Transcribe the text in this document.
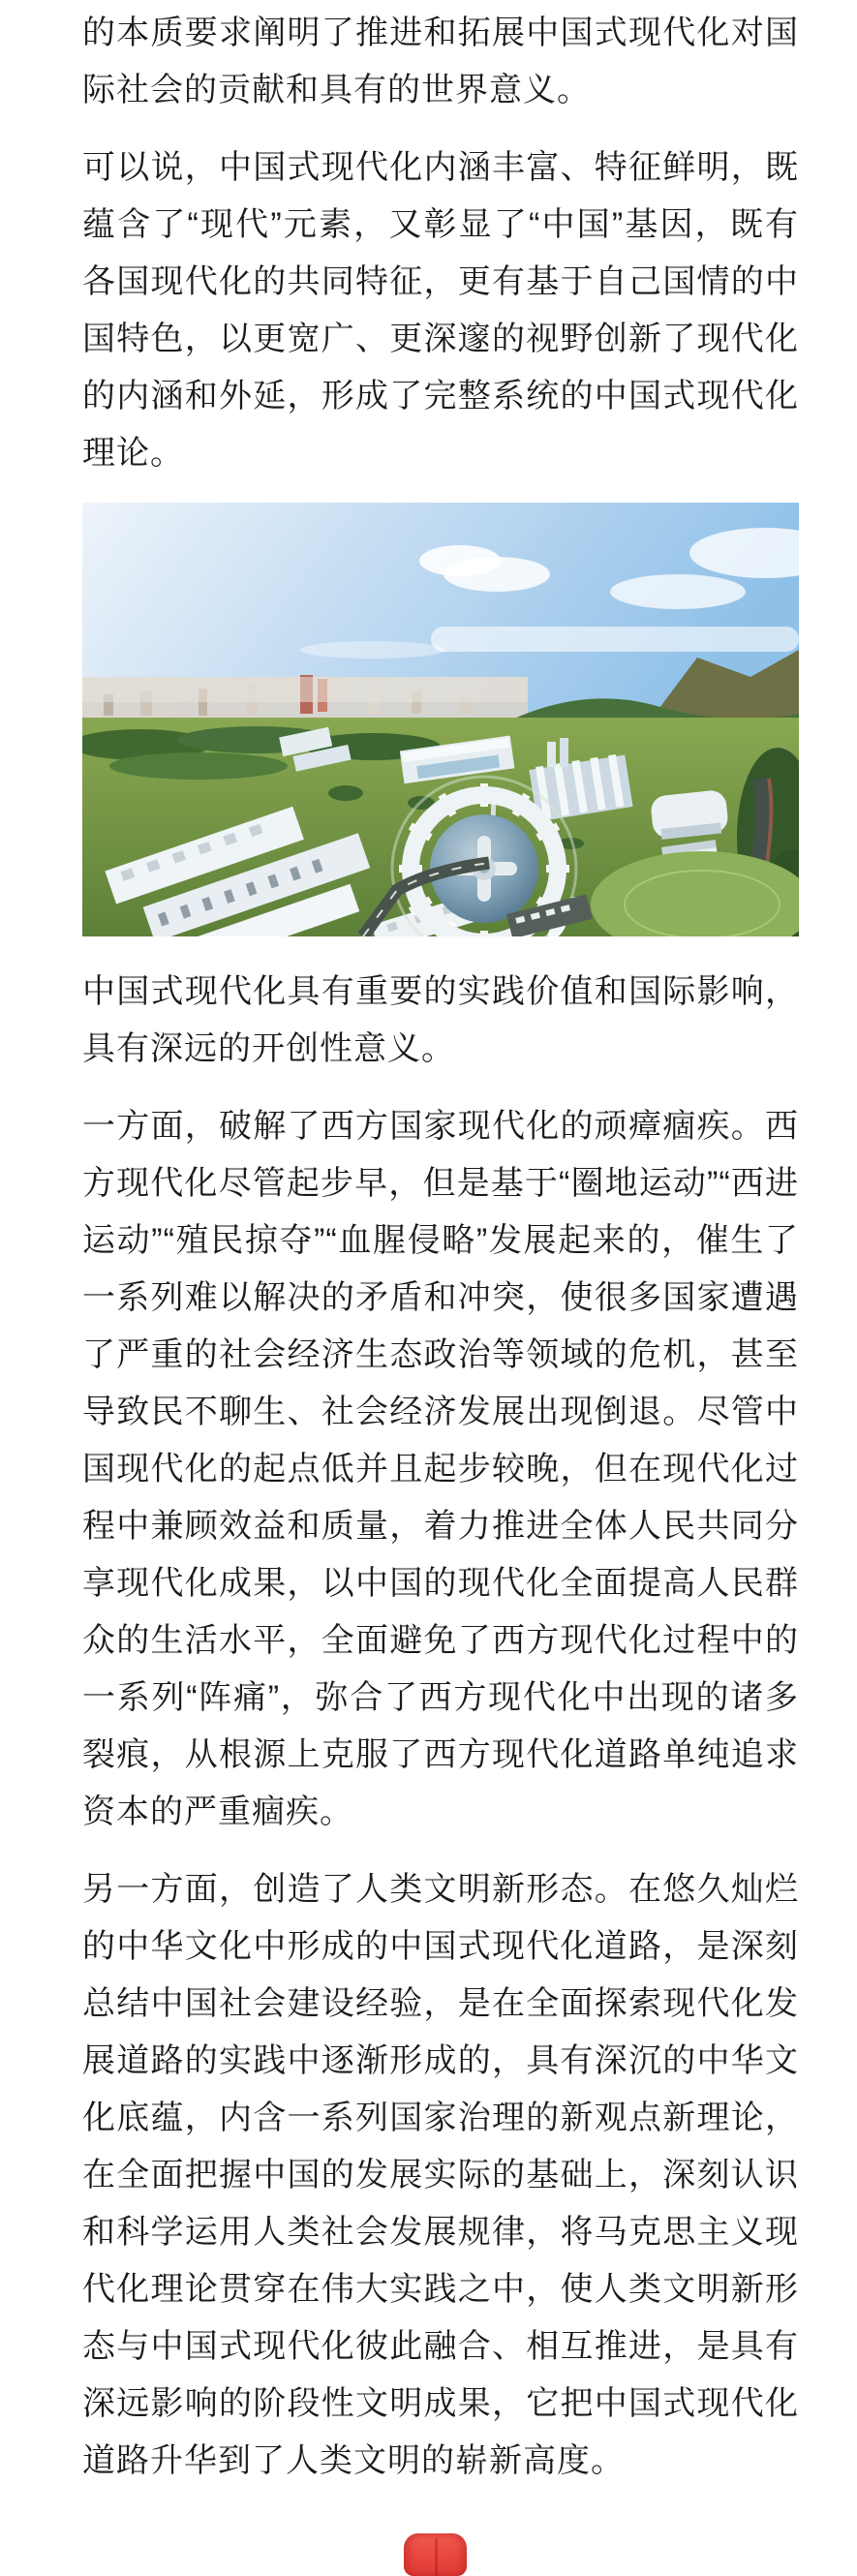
的本质要求阐明了推进和拓展中国式现代化对国际社会的贡献和具有的世界意义。

可以说，中国式现代化内涵丰富、特征鲜明，既蕴含了“现代”元素，又彰显了“中国”基因，既有各国现代化的共同特征，更有基于自己国情的中国特色，以更宽广、更深邃的视野创新了现代化的内涵和外延，形成了完整系统的中国式现代化理论。

中国式现代化具有重要的实践价值和国际影响，具有深远的开创性意义。

一方面，破解了西方国家现代化的顽瘴痼疾。西方现代化尽管起步早，但是基于“圈地运动”“西进运动”“殖民掠夺”“血腥侵略”发展起来的，催生了一系列难以解决的矛盾和冲突，使很多国家遭遇了严重的社会经济生态政治等领域的危机，甚至导致民不聊生、社会经济发展出现倒退。尽管中国现代化的起点低并且起步较晚，但在现代化过程中兼顾效益和质量，着力推进全体人民共同分享现代化成果，以中国的现代化全面提高人民群众的生活水平，全面避免了西方现代化过程中的一系列“阵痛”，弥合了西方现代化中出现的诸多裂痕，从根源上克服了西方现代化道路单纯追求资本的严重痼疾。

另一方面，创造了人类文明新形态。在悠久灿烂的中华文化中形成的中国式现代化道路，是深刻总结中国社会建设经验，是在全面探索现代化发展道路的实践中逐渐形成的，具有深沉的中华文化底蕴，内含一系列国家治理的新观点新理论，在全面把握中国的发展实际的基础上，深刻认识和科学运用人类社会发展规律，将马克思主义现代化理论贯穿在伟大实践之中，使人类文明新形态与中国式现代化彼此融合、相互推进，是具有深远影响的阶段性文明成果，它把中国式现代化道路升华到了人类文明的崭新高度。
